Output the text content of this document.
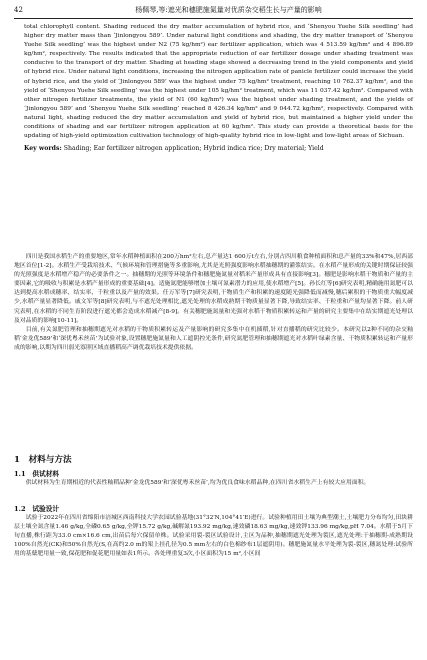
42	杨佩琴,等:遮光和穗肥施氮量对优质杂交稻生长与产量的影响

total chlorophyll content. Shading reduced the dry matter accumulation of hybrid rice, and ‘Shenyou Yuehe Silk seedling’ had higher dry matter mass than ‘Jinlongyou 589’. Under natural light conditions and shading, the dry matter transport of ‘Shenyou Yuehe Silk seedling’ was the highest under N2 (75 kg/hm²) ear fertilizer application, which was 4 513.59 kg/hm² and 4 896.89 kg/hm², respectively. The results indicated that the appropriate reduction of ear fertilizer dosage under shading treatment was conducive to the transport of dry matter. Shading at heading stage showed a decreasing trend in the yield components and yield of hybrid rice. Under natural light conditions, increasing the nitrogen application rate of panicle fertilizer could increase the yield of hybrid rice, and the yield of ‘Jinlongyou 589’ was the highest under 75 kg/hm² treatment, reaching 10 762.37 kg/hm², and the yield of ‘Shenyou Yuehe Silk seedling’ was the highest under 105 kg/hm² treatment, which was 11 037.42 kg/hm². Compared with other nitrogen fertilizer treatments, the yield of N1 (60 kg/hm²) was the highest under shading treatment, and the yields of ‘Jinlongyou 589’ and ‘Shenyou Yuehe Silk seedling’ reached 8 426.34 kg/hm² and 9 044.72 kg/hm², respectively. Compared with natural light, shading reduced the dry matter accumulation and yield of hybrid rice, but maintained a higher yield under the conditions of shading and ear fertilizer nitrogen application at 60 kg/hm². This study can provide a theoretical basis for the updating of high-yield optimization cultivation technology of high-quality hybrid rice in low-light and low-light areas of Sichuan.

Key words: Shading; Ear fertilizer nitrogen application; Hybrid indica rice; Dry material; Yield

四川是我国水稻生产的重要地区,常年水稻种植面积在200万hm²左右,总产量达1 600万t左右,分别占四川粮食种植面积和总产量的33%和47%,居西部地区首位[1-2]。水稻生产受栽培技术、气候环境和管理措施等多重影响,尤其是光照强度影响水稻抽穗期的灌浆结实。在水稻产量形成的关键时期保证较强的光照强度是水稻增产稳产的必要条件之一。抽穗期的光照等环境条件和穗肥施氮量对稻米产量形成具有直接影响[3]。穗肥是影响水稻干物质和产量的主要因素,它的吸收与积累是水稻产量形成的重要基础[4]。适施氮肥能够增加土壤可氮素潜力的应用,使水稻增产[5]。孙长红等[6]研究表明,精确施用氮肥可以达到提高水稻成穗率、结实率、千粒重以及产量的效果。任万军等[7]研究表明,干物质生产和积累的速度随光强降低而减慢,穗后累积的干物质重大幅度减少,水稻产量显著降低。戚文军等[8]研究表明,与不遮光处理相比,遮光处理的水稻成熟期干物质量显著下降,导致结实率、千粒重和产量均显著下降。前人研究表明,在水稻的不同生育阶段进行遮光都会造成水稻减产[8-9]。有关穗肥施氮量和光强对水稻干物质积累转运和产量的研究主要集中在结实期遮光处理以及对品质的影响[10-11]。

目前,有关氮肥管理和抽穗期遮光对水稻的干物质积累转运及产量影响的研究多集中在机插稻,针对直播稻的研究比较少。本研究以2种不同的杂交籼稻‘金龙优589’和‘深优粤禾丝苗’为试验对象,设置穗肥施氮量和人工遮阴控光条件,研究氮肥管理和抽穗期遮光对水稻叶绿素含量、干物质积累转运和产量形成的影响,以期为四川弱光寡照区域直播稻高产调优栽培技术提供依据。

1　材料与方法
1.1　供试材料

供试材料为生育期相近的代表性籼稻品种‘金龙优589’和‘深优粤禾丝苗’,均为优良食味水稻品种,在四川省水稻生产上有较大应用面积。

1.2　试验设计

试验于2022年在四川省绵阳市涪城区西南科技大学农园试验基地(31°32′N,104°41′E)进行。试验种植用田土壤为典型潮土,土壤肥力分布均匀,田块耕层土壤全氮含量1.46 g/kg,全磷0.65 g/kg,全钾15.72 g/kg,碱解氮193.92 mg/kg,速效磷18.63 mg/kg,速效钾133.96 mg/kg,pH 7.04。水稻于5月下旬直播,株行距为33.0 cm×16.6 cm,出苗后每穴保留单株。试验采用裂-裂区试验设计,主区为品种,抽穗期遮光处理为裂区,遮光处理:于抽穗期-成熟期设100%自然光(CK)和50%自然光(S,在高约2.0 m的架上挂孔径为0.5 mm左右的白色棉纱布1层遮阴用)。穗肥施氮量水平处理为裂-裂区,穗氮处理:试验所用的基蘖肥用量一致,保花肥和促花肥用量如表1所示。各处理重复3次,小区面积为15 m²,小区间
